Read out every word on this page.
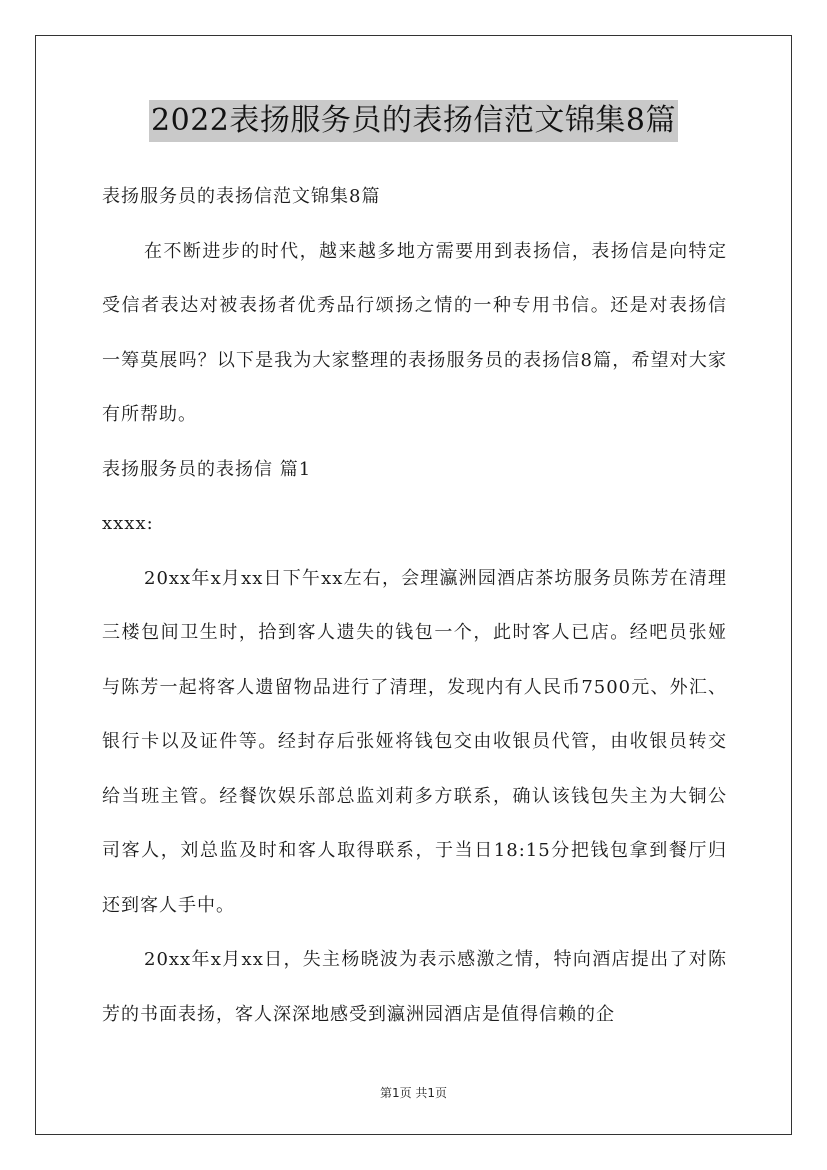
2022表扬服务员的表扬信范文锦集8篇

表扬服务员的表扬信范文锦集8篇

在不断进步的时代，越来越多地方需要用到表扬信，表扬信是向特定受信者表达对被表扬者优秀品行颂扬之情的一种专用书信。还是对表扬信一筹莫展吗？以下是我为大家整理的表扬服务员的表扬信8篇，希望对大家有所帮助。

表扬服务员的表扬信 篇1

xxxx:

20xx年x月xx日下午xx左右，会理瀛洲园酒店茶坊服务员陈芳在清理三楼包间卫生时，拾到客人遗失的钱包一个，此时客人已店。经吧员张娅与陈芳一起将客人遗留物品进行了清理，发现内有人民币7500元、外汇、银行卡以及证件等。经封存后张娅将钱包交由收银员代管，由收银员转交给当班主管。经餐饮娱乐部总监刘莉多方联系，确认该钱包失主为大铜公司客人，刘总监及时和客人取得联系，于当日18:15分把钱包拿到餐厅归还到客人手中。

20xx年x月xx日，失主杨晓波为表示感激之情，特向酒店提出了对陈芳的书面表扬，客人深深地感受到瀛洲园酒店是值得信赖的企

第1页 共1页
